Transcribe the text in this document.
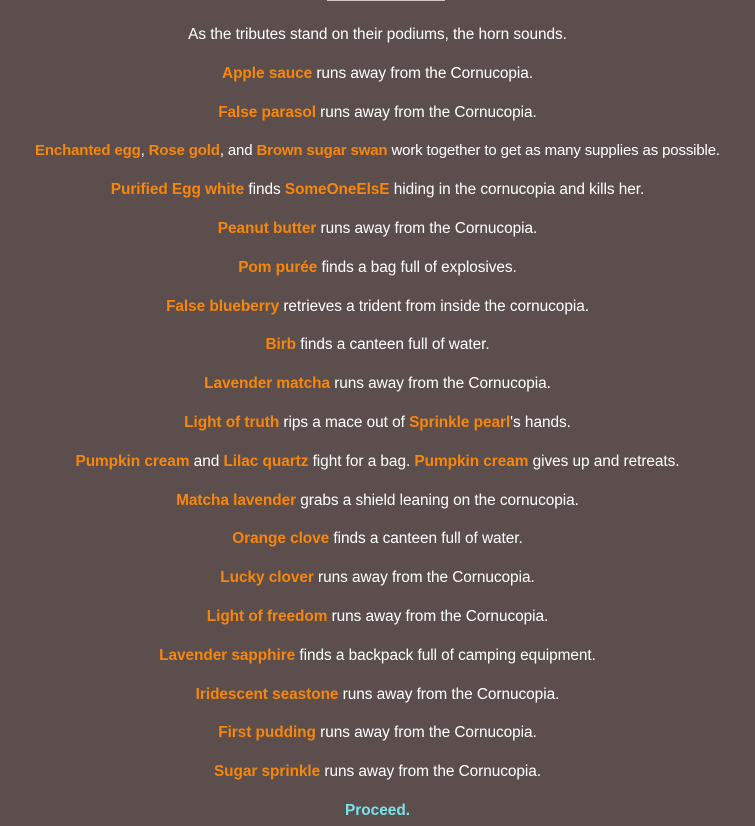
As the tributes stand on their podiums, the horn sounds.
Apple sauce runs away from the Cornucopia.
False parasol runs away from the Cornucopia.
Enchanted egg, Rose gold, and Brown sugar swan work together to get as many supplies as possible.
Purified Egg white finds SomeOneElsE hiding in the cornucopia and kills her.
Peanut butter runs away from the Cornucopia.
Pom purée finds a bag full of explosives.
False blueberry retrieves a trident from inside the cornucopia.
Birb finds a canteen full of water.
Lavender matcha runs away from the Cornucopia.
Light of truth rips a mace out of Sprinkle pearl's hands.
Pumpkin cream and Lilac quartz fight for a bag. Pumpkin cream gives up and retreats.
Matcha lavender grabs a shield leaning on the cornucopia.
Orange clove finds a canteen full of water.
Lucky clover runs away from the Cornucopia.
Light of freedom runs away from the Cornucopia.
Lavender sapphire finds a backpack full of camping equipment.
Iridescent seastone runs away from the Cornucopia.
First pudding runs away from the Cornucopia.
Sugar sprinkle runs away from the Cornucopia.
Proceed.
